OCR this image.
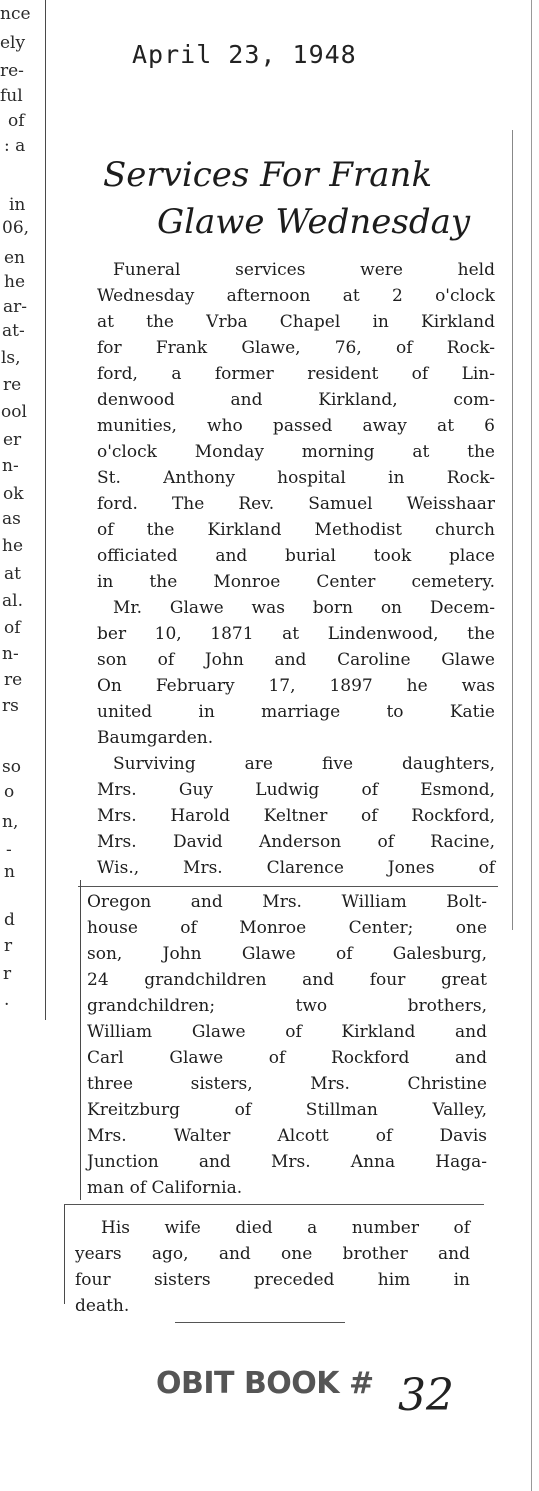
nce
ely
re-
ful
of
: a
in
06,
en
he
ar-
at-
ls,
re
ool
er
n-
ok
as
he
at
al.
of
n-
re
rs
so
o
n,
-
n
d
r
r
.
April 23, 1948
Services For Frank
Glawe Wednesday
Funeral services were held
Wednesday afternoon at 2 o'clock
at the Vrba Chapel in Kirkland
for Frank Glawe, 76, of Rock-
ford, a former resident of Lin-
denwood and Kirkland, com-
munities, who passed away at 6
o'clock Monday morning at the
St. Anthony hospital in Rock-
ford. The Rev. Samuel Weisshaar
of the Kirkland Methodist church
officiated and burial took place
in the Monroe Center cemetery.
Mr. Glawe was born on Decem-
ber 10, 1871 at Lindenwood, the
son of John and Caroline Glawe
On February 17, 1897 he was
united in marriage to Katie
Baumgarden.
Surviving are five daughters,
Mrs. Guy Ludwig of Esmond,
Mrs. Harold Keltner of Rockford,
Mrs. David Anderson of Racine,
Wis., Mrs. Clarence Jones of
Oregon and Mrs. William Bolt-
house of Monroe Center; one
son, John Glawe of Galesburg,
24 grandchildren and four great
grandchildren; two brothers,
William Glawe of Kirkland and
Carl Glawe of Rockford and
three sisters, Mrs. Christine
Kreitzburg of Stillman Valley,
Mrs. Walter Alcott of Davis
Junction and Mrs. Anna Haga-
man of California.
His wife died a number of
years ago, and one brother and
four sisters preceded him in
death.
OBIT BOOK # 32
